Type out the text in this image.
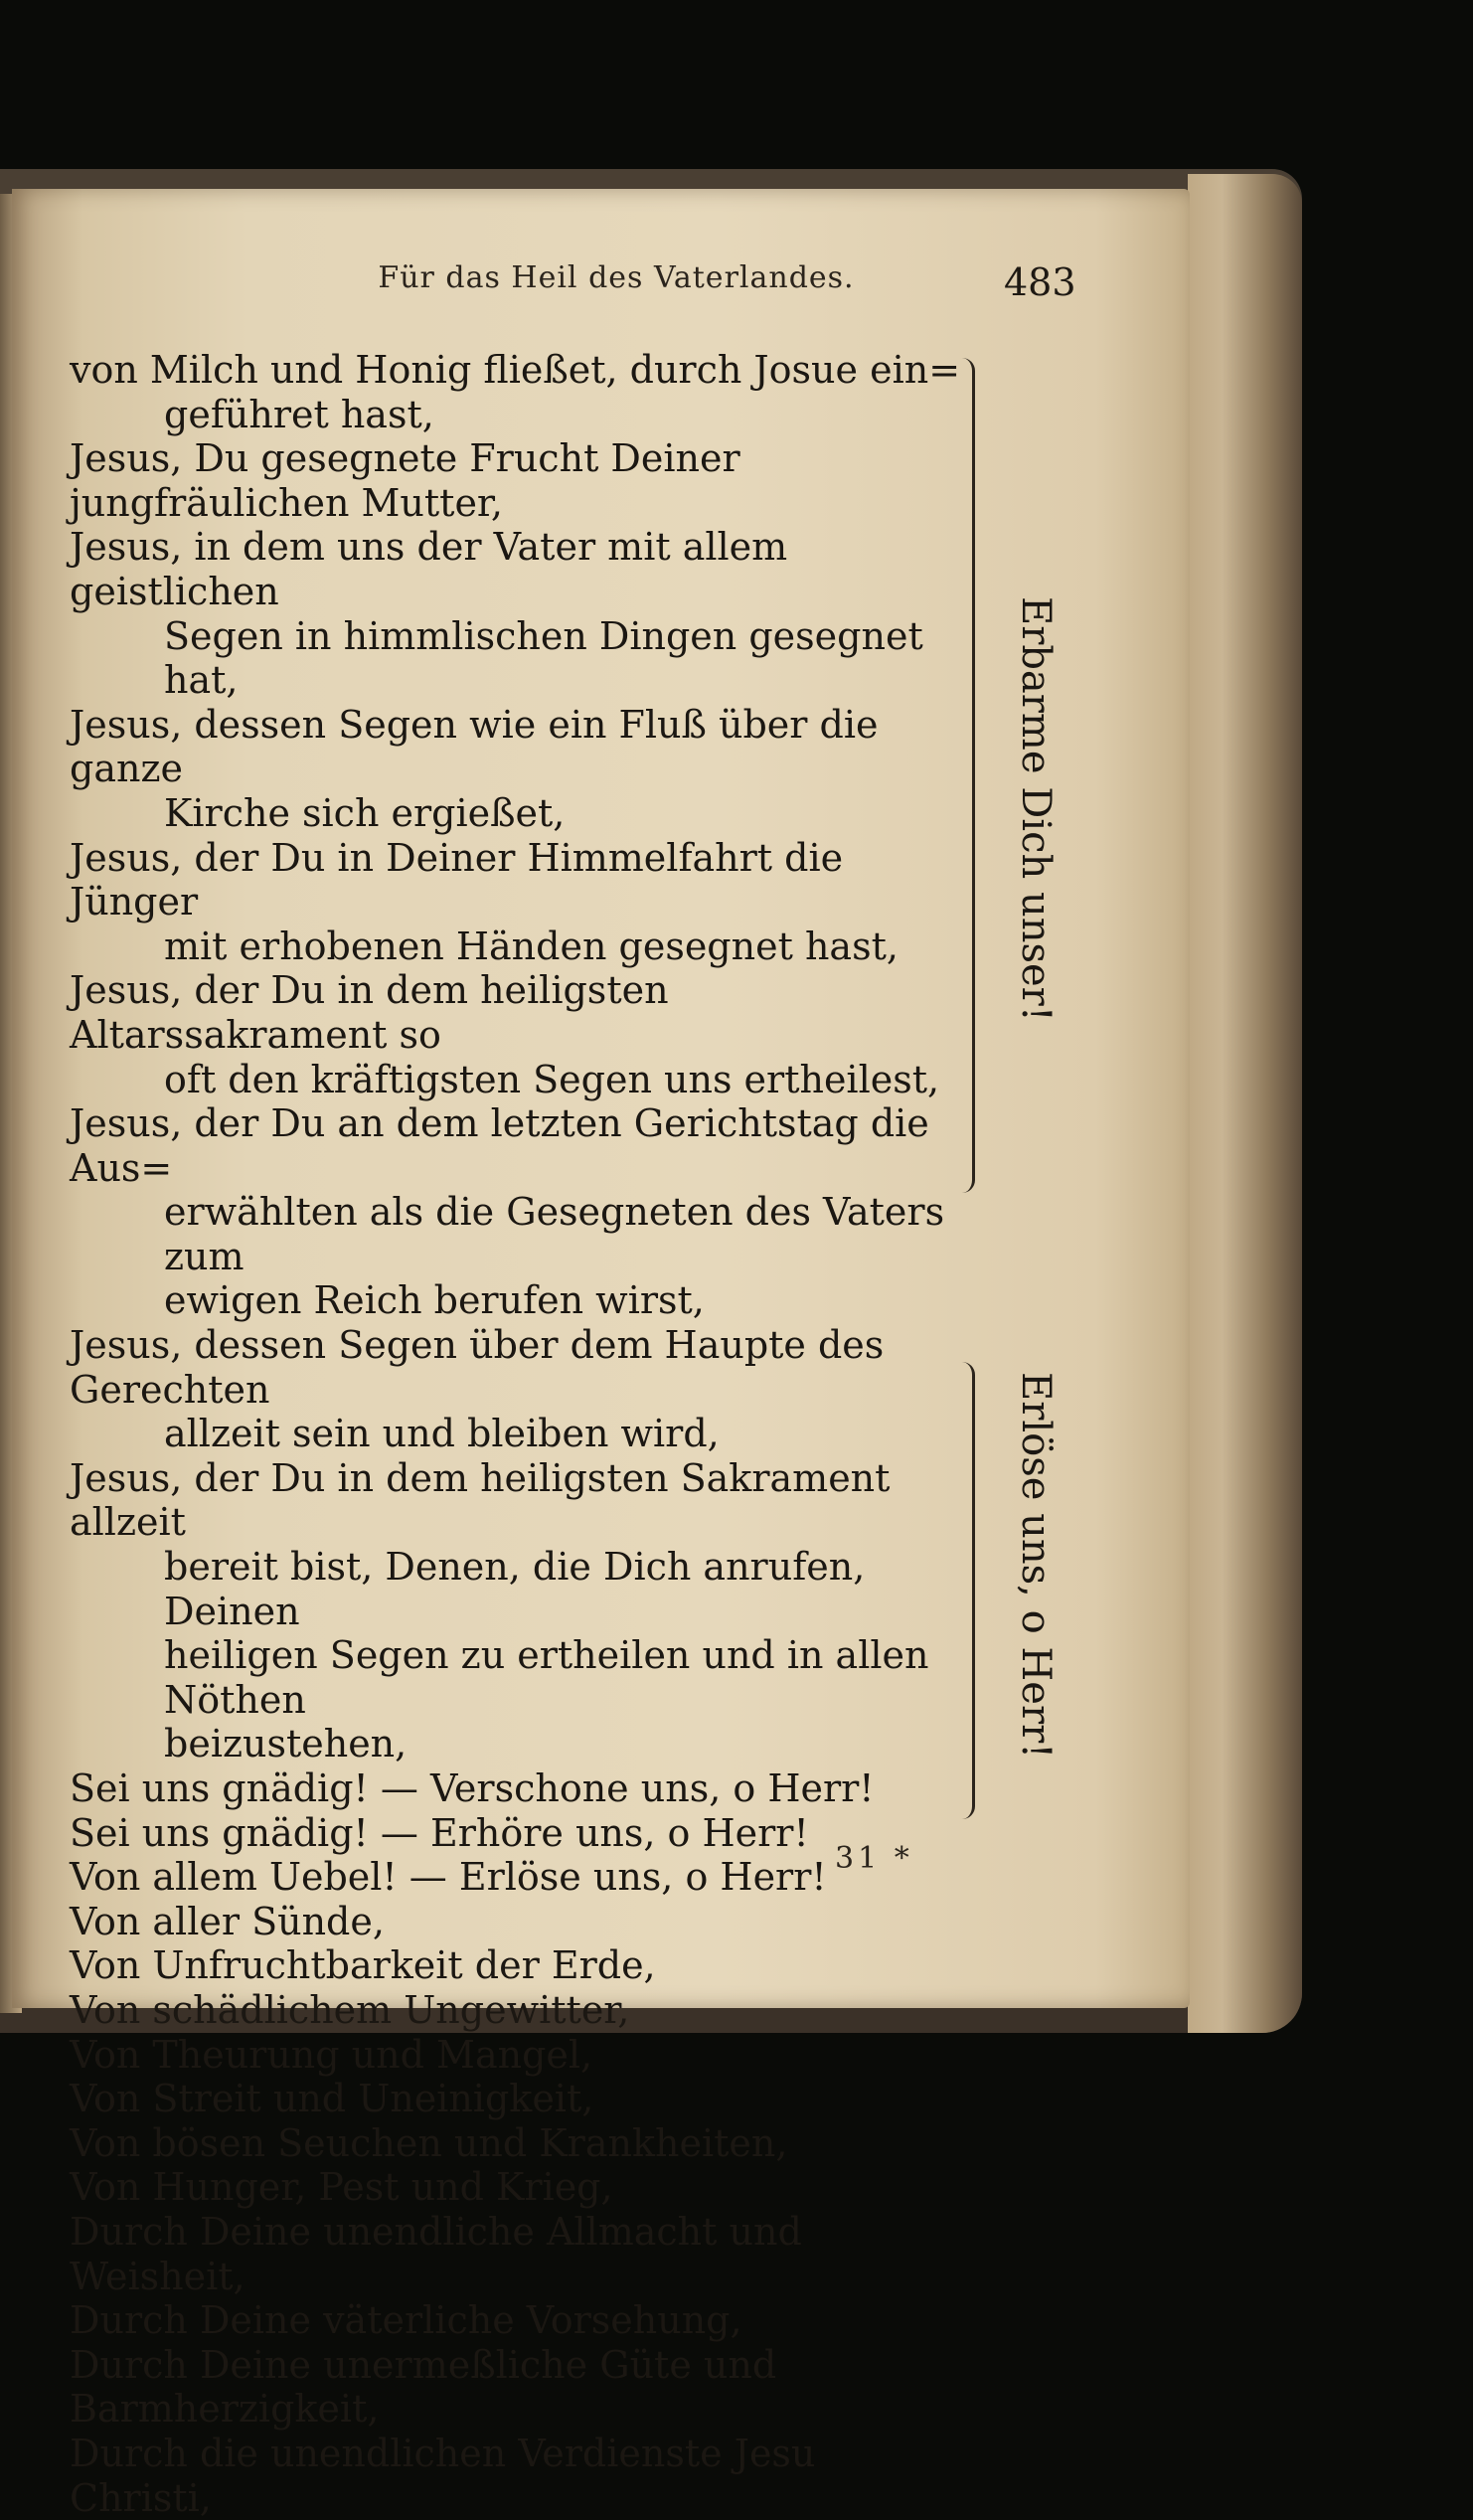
Für das Heil des Vaterlandes.	483
von Milch und Honig fließet, durch Josue ein=
geführet hast,
Jesus, Du gesegnete Frucht Deiner jungfräulichen Mutter,
Jesus, in dem uns der Vater mit allem geistlichen
Segen in himmlischen Dingen gesegnet hat,
Jesus, dessen Segen wie ein Fluß über die ganze
Kirche sich ergießet,
Jesus, der Du in Deiner Himmelfahrt die Jünger
mit erhobenen Händen gesegnet hast,
Jesus, der Du in dem heiligsten Altarssakrament so
oft den kräftigsten Segen uns ertheilest,
Jesus, der Du an dem letzten Gerichtstag die Aus=
erwählten als die Gesegneten des Vaters zum
ewigen Reich berufen wirst,
Jesus, dessen Segen über dem Haupte des Gerechten
allzeit sein und bleiben wird,
Jesus, der Du in dem heiligsten Sakrament allzeit
bereit bist, Denen, die Dich anrufen, Deinen
heiligen Segen zu ertheilen und in allen Nöthen
beizustehen,
Sei uns gnädig! — Verschone uns, o Herr!
Sei uns gnädig! — Erhöre uns, o Herr!
Von allem Uebel! — Erlöse uns, o Herr!
Von aller Sünde,
Von Unfruchtbarkeit der Erde,
Von schädlichem Ungewitter,
Von Theurung und Mangel,
Von Streit und Uneinigkeit,
Von bösen Seuchen und Krankheiten,
Von Hunger, Pest und Krieg,
Durch Deine unendliche Allmacht und Weisheit,
Durch Deine väterliche Vorsehung,
Durch Deine unermeßliche Güte und Barmherzigkeit,
Durch die unendlichen Verdienste Jesu Christi,
Erbarme Dich unser!
Erlöse uns, o Herr!
31 *
